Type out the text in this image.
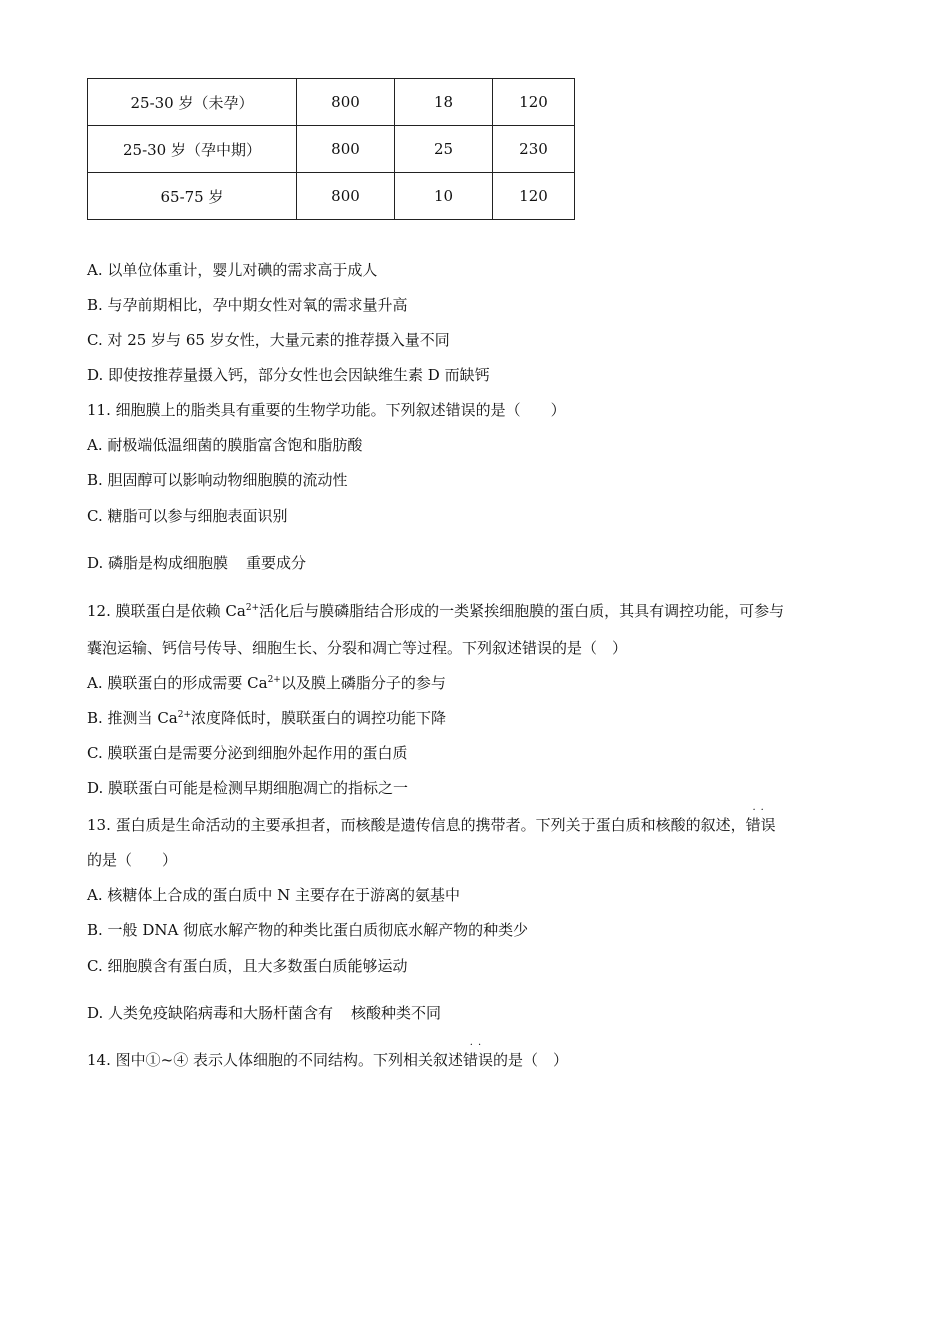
25-30 岁（未孕）	800	18	120
25-30 岁（孕中期）	800	25	230
65-75 岁	800	10	120
A. 以单位体重计，婴儿对碘的需求高于成人
B. 与孕前期相比，孕中期女性对氧的需求量升高
C. 对 25 岁与 65 岁女性，大量元素的推荐摄入量不同
D. 即使按推荐量摄入钙，部分女性也会因缺维生素 D 而缺钙
11. 细胞膜上的脂类具有重要的生物学功能。下列叙述错误的是（　　）
A. 耐极端低温细菌的膜脂富含饱和脂肪酸
B. 胆固醇可以影响动物细胞膜的流动性
C. 糖脂可以参与细胞表面识别
D. 磷脂是构成细胞膜 重要成分
12. 膜联蛋白是依赖 $Ca^{2+}$活化后与膜磷脂结合形成的一类紧挨细胞膜的蛋白质，其具有调控功能，可参与
囊泡运输、钙信号传导、细胞生长、分裂和凋亡等过程。下列叙述错误的是（　）
A. 膜联蛋白的形成需要 $Ca^{2+}$以及膜上磷脂分子的参与
B. 推测当 $Ca^{2+}$浓度降低时，膜联蛋白的调控功能下降
C. 膜联蛋白是需要分泌到细胞外起作用的蛋白质
D. 膜联蛋白可能是检测早期细胞凋亡的指标之一
13. 蛋白质是生命活动的主要承担者，而核酸是遗传信息的携带者。下列关于蛋白质和核酸的叙述，
··
错误
的是（　　）
A. 核糖体上合成的蛋白质中 N 主要存在于游离的氨基中
B. 一般 DNA 彻底水解产物的种类比蛋白质彻底水解产物的种类少
C. 细胞膜含有蛋白质，且大多数蛋白质能够运动
D. 人类免疫缺陷病毒和大肠杆菌含有 核酸种类不同
14. 图中①~④ 表示人体细胞的不同结构。下列相关叙述
··
错误的是（　）
